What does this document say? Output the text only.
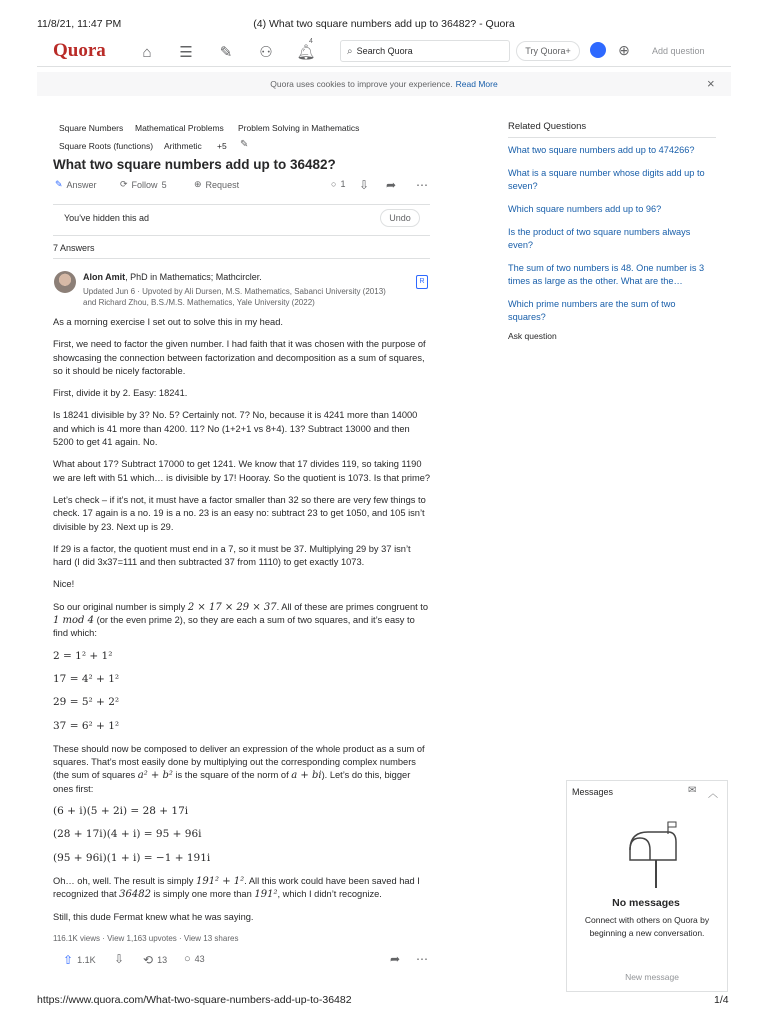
11/8/21, 11:47 PM	(4) What two square numbers add up to 36482? - Quora
Quora	⌂	☰ ✎ ⚇ 🔔︎
4
⌕ Search Quora	Try Quora+	⊕	Add question
Quora uses cookies to improve your experience. Read More	×
Square Numbers Mathematical Problems Problem Solving in Mathematics
Square Roots (functions) Arithmetic +5 ✎
What two square numbers add up to 36482?
✎ Answer	⟳ Follow 5	⊕ Request	○ 1 ⇩ ➦ ⋯
You've hidden this ad	Undo
7 Answers
Alon Amit, PhD in Mathematics; Mathcircler.
Updated Jun 6 · Upvoted by Ali Dursen, M.S. Mathematics, Sabanci University (2013)
and Richard Zhou, B.S./M.S. Mathematics, Yale University (2022)
R

As a morning exercise I set out to solve this in my head.

First, we need to factor the given number. I had faith that it was chosen with the purpose of showcasing the connection between factorization and decomposition as a sum of squares, so it should be nicely factorable.

First, divide it by 2. Easy: 18241.

Is 18241 divisible by 3? No. 5? Certainly not. 7? No, because it is 4241 more than 14000 and which is 41 more than 4200. 11? No (1+2+1 vs 8+4). 13? Subtract 13000 and then 5200 to get 41 again. No.

What about 17? Subtract 17000 to get 1241. We know that 17 divides 119, so taking 1190 we are left with 51 which… is divisible by 17! Hooray. So the quotient is 1073. Is that prime?

Let’s check – if it’s not, it must have a factor smaller than 32 so there are very few things to check. 17 again is a no. 19 is a no. 23 is an easy no: subtract 23 to get 1050, and 105 isn’t divisible by 23. Next up is 29.

If 29 is a factor, the quotient must end in a 7, so it must be 37. Multiplying 29 by 37 isn’t hard (I did 3x37=111 and then subtracted 37 from 1110) to get exactly 1073.

Nice!

So our original number is simply 2 × 17 × 29 × 37. All of these are primes congruent to 1 mod 4 (or the even prime 2), so they are each a sum of two squares, and it’s easy to find which:

2 = 1² + 1²
17 = 4² + 1²
29 = 5² + 2²
37 = 6² + 1²

These should now be composed to deliver an expression of the whole product as a sum of squares. That’s most easily done by multiplying out the corresponding complex numbers (the sum of squares a² + b² is the square of the norm of a + bi). Let’s do this, bigger ones first:

(6 + i)(5 + 2i) = 28 + 17i
(28 + 17i)(4 + i) = 95 + 96i
(95 + 96i)(1 + i) = −1 + 191i

Oh… oh, well. The result is simply 191² + 1². All this work could have been saved had I recognized that 36482 is simply one more than 191², which I didn’t recognize.

Still, this dude Fermat knew what he was saying.

116.1K views · View 1,163 upvotes · View 13 shares
⇧ 1.1K ⇩ ⟲ 13 ○ 43	➦ ⋯
Related Questions
What two square numbers add up to 474266?
What is a square number whose digits add up to seven?
Which square numbers add up to 96?
Is the product of two square numbers always even?
The sum of two numbers is 48. One number is 3 times as large as the other. What are the…
Which prime numbers are the sum of two squares?
Ask question
Messages	✉ ︿
No messages
Connect with others on Quora by beginning a new conversation.
New message
https://www.quora.com/What-two-square-numbers-add-up-to-36482	1/4
